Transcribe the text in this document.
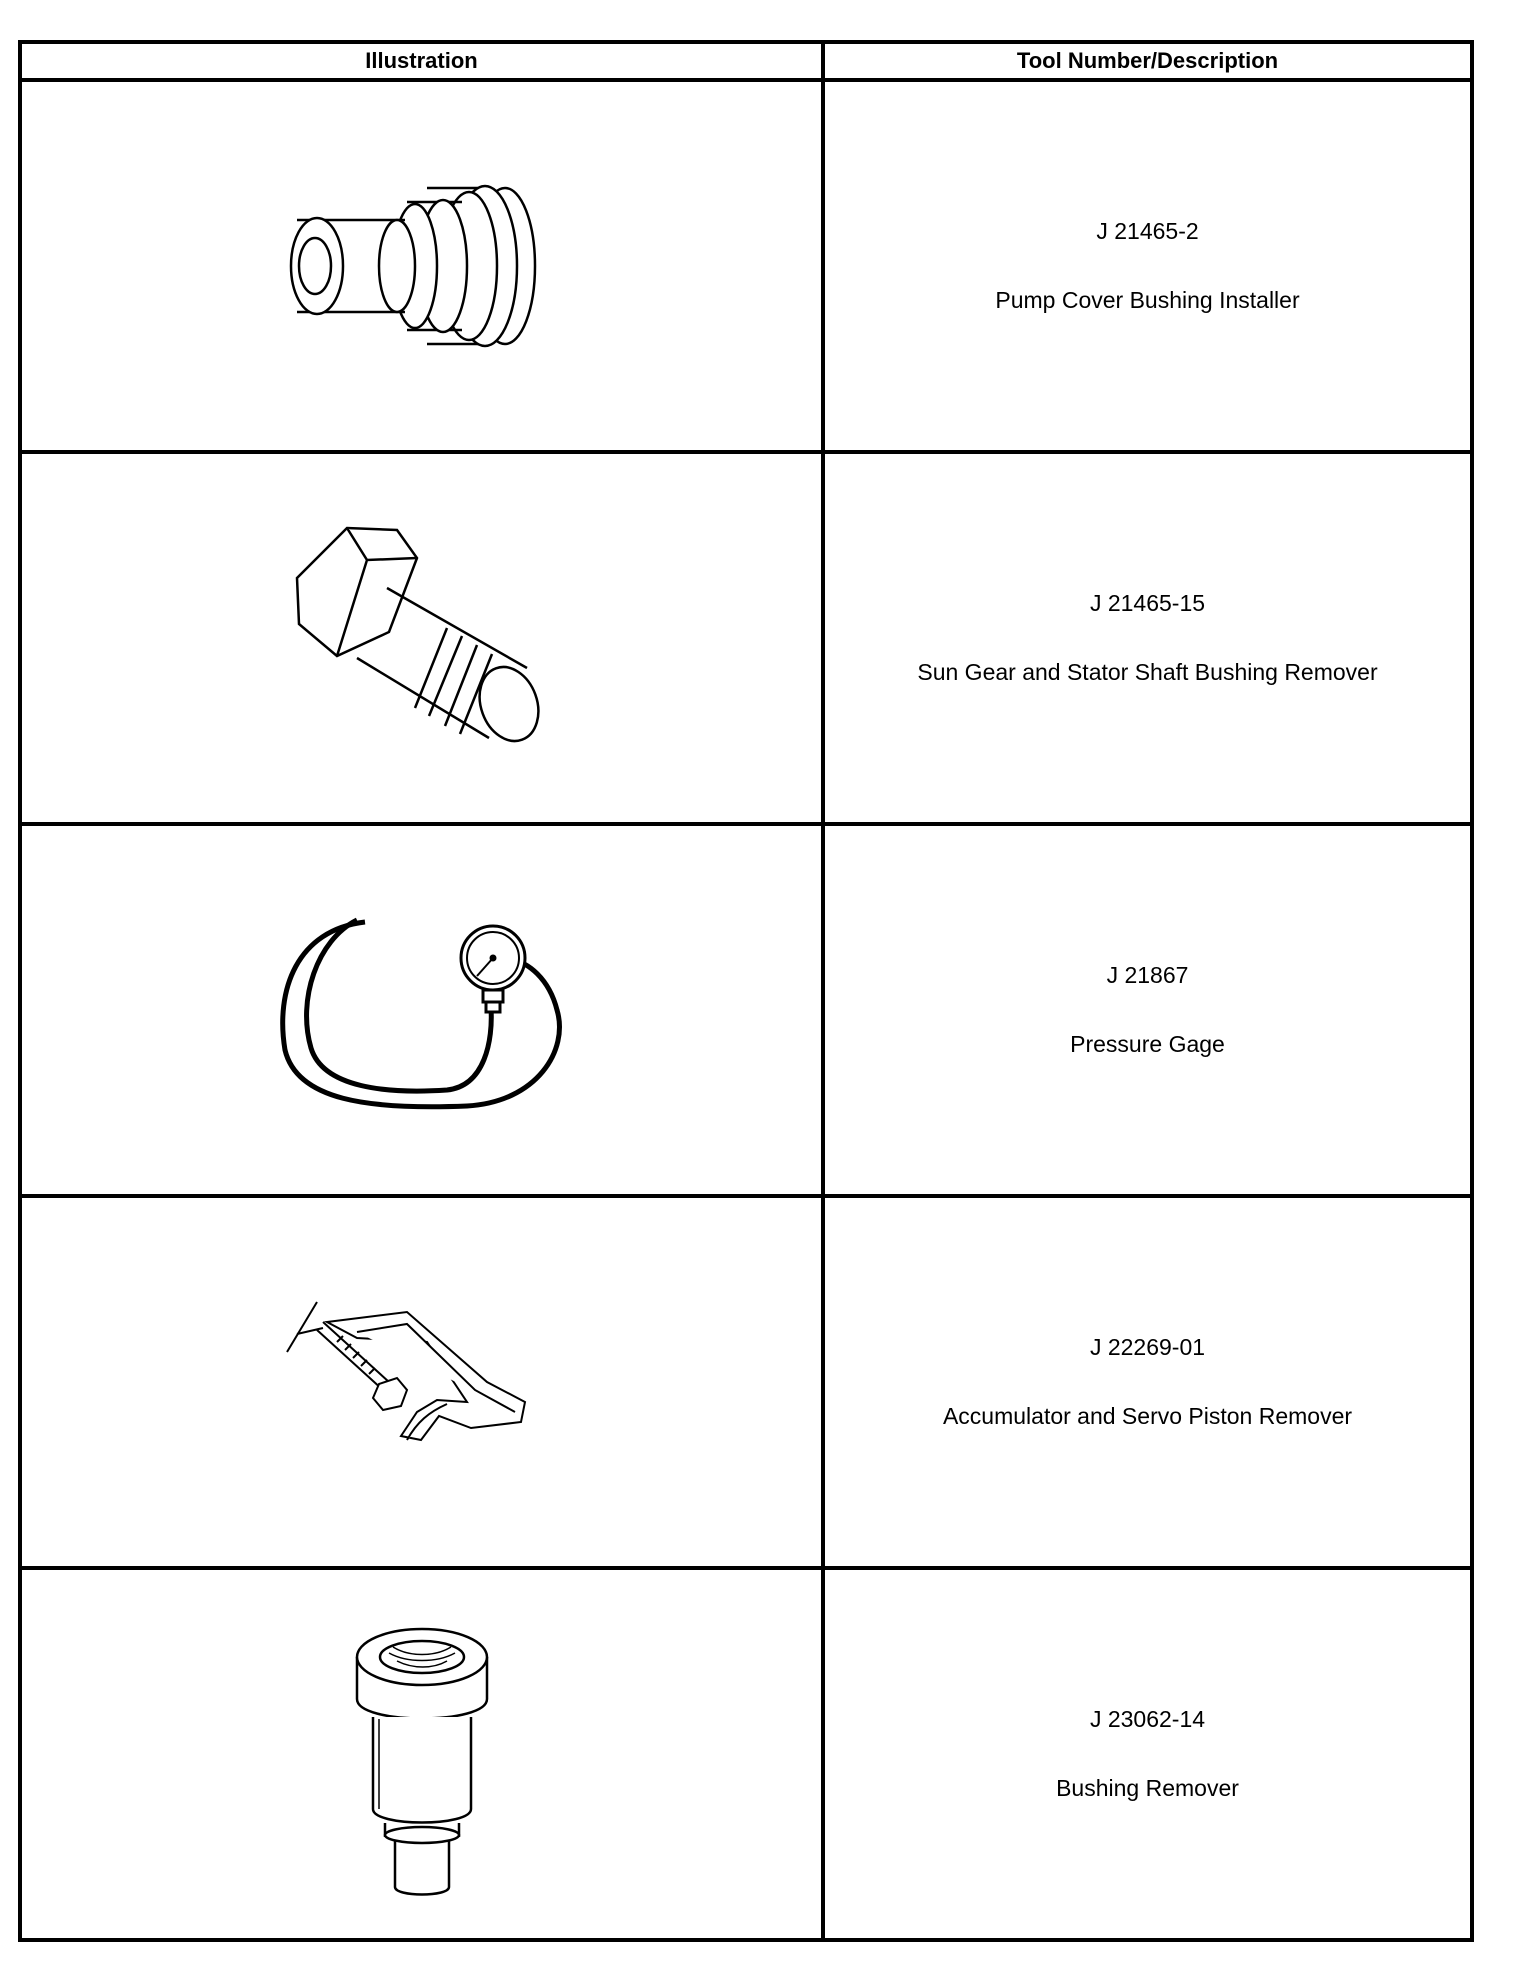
Illustration	Tool Number/Description

J 21465-2
Pump Cover Bushing Installer

J 21465-15
Sun Gear and Stator Shaft Bushing Remover

J 21867
Pressure Gage

J 22269-01
Accumulator and Servo Piston Remover

J 23062-14
Bushing Remover
